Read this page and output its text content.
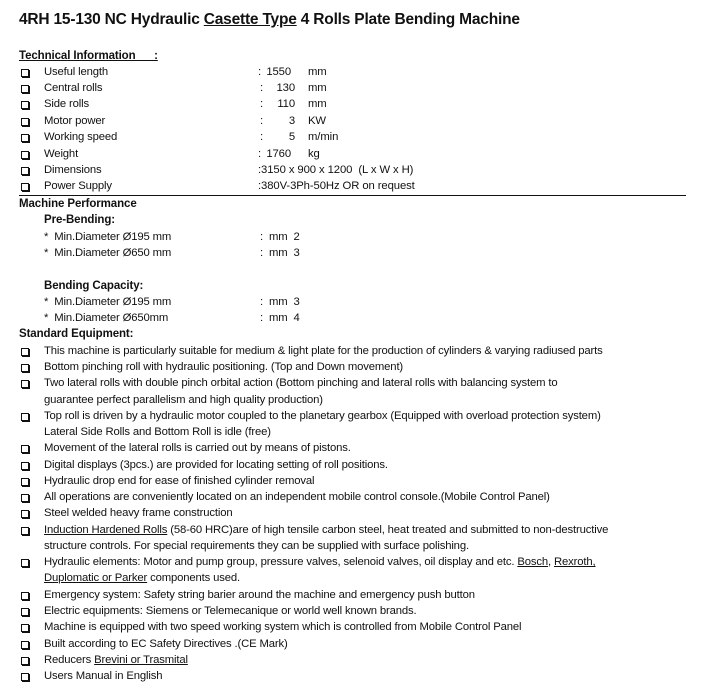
4RH 15-130 NC Hydraulic Casette Type 4 Rolls Plate Bending Machine
Technical Information      :
Useful length	: 1550 mm
Central rolls	: 130 mm
Side rolls	: 110 mm
Motor power	: 3 KW
Working speed	: 5 m/min
Weight	: 1760 kg
Dimensions	:3150 x 900 x 1200  (L x W x H)
Power Supply	:380V-3Ph-50Hz OR on request
Machine Performance
Pre-Bending:
*  Min.Diameter Ø195 mm	:  mm  2
*  Min.Diameter Ø650 mm	:  mm  3
Bending Capacity:
*  Min.Diameter Ø195 mm	:  mm  3
*  Min.Diameter Ø650mm	:  mm  4
Standard Equipment:
This machine is particularly suitable for medium & light plate for the production of cylinders & varying radiused parts
Bottom pinching roll with hydraulic positioning. (Top and Down movement)
Two lateral rolls with double pinch orbital action (Bottom pinching and lateral rolls with balancing system to
guarantee perfect parallelism and high quality production)
Top roll is driven by a hydraulic motor coupled to the planetary gearbox (Equipped with overload protection system)
Lateral Side Rolls and Bottom Roll is idle (free)
Movement of the lateral rolls is carried out by means of pistons.
Digital displays (3pcs.) are provided for locating setting of roll positions.
Hydraulic drop end for ease of finished cylinder removal
All operations are conveniently located on an independent mobile control console.(Mobile Control Panel)
Steel welded heavy frame construction
Induction Hardened Rolls (58-60 HRC)are of high tensile carbon steel, heat treated and submitted to non-destructive
structure controls. For special requirements they can be supplied with surface polishing.
Hydraulic elements: Motor and pump group, pressure valves, selenoid valves, oil display and etc. Bosch, Rexroth,
Duplomatic or Parker components used.
Emergency system: Safety string barier around the machine and emergency push button
Electric equipments: Siemens or Telemecanique or world well known brands.
Machine is equipped with two speed working system which is controlled from Mobile Control Panel
Built according to EC Safety Directives .(CE Mark)
Reducers Brevini or Trasmital
Users Manual in English
